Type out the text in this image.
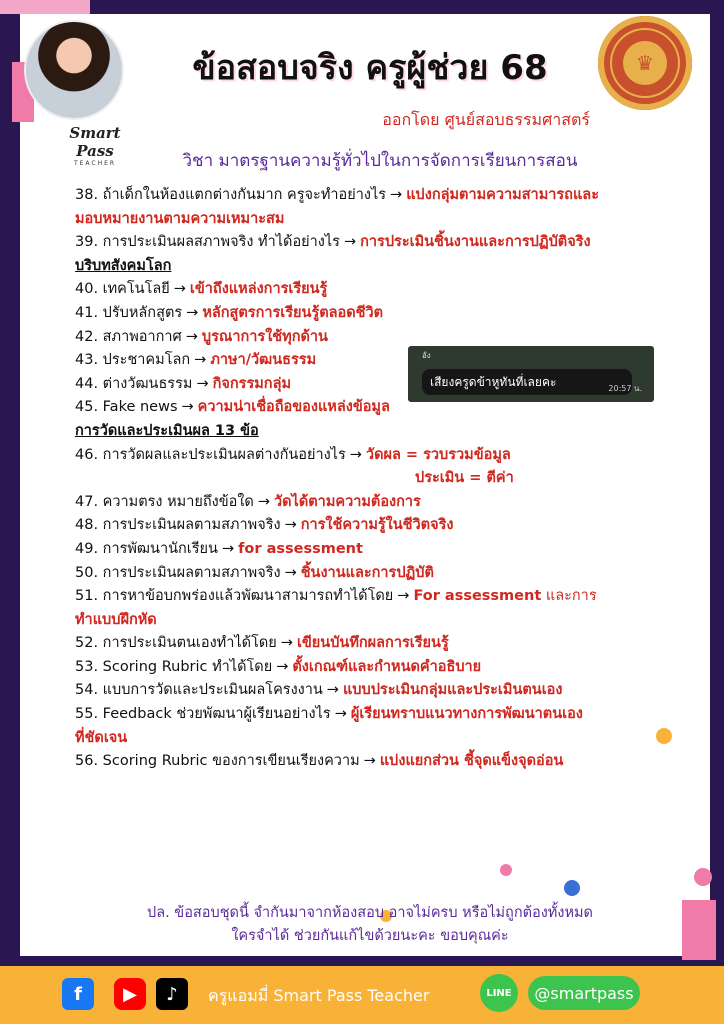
Smart Pass
TEACHER
♛
ข้อสอบจริง ครูผู้ช่วย 68
ออกโดย ศูนย์สอบธรรมศาสตร์
วิชา มาตรฐานความรู้ทั่วไปในการจัดการเรียนการสอน
38. ถ้าเด็กในห้องแตกต่างกันมาก ครูจะทำอย่างไร → แบ่งกลุ่มตามความสามารถและ
มอบหมายงานตามความเหมาะสม
39. การประเมินผลสภาพจริง ทำได้อย่างไร → การประเมินชิ้นงานและการปฏิบัติจริง
บริบทสังคมโลก
40. เทคโนโลยี → เข้าถึงแหล่งการเรียนรู้
41. ปรับหลักสูตร → หลักสูตรการเรียนรู้ตลอดชีวิต
42. สภาพอากาศ → บูรณาการใช้ทุกด้าน
43. ประชาคมโลก → ภาษา/วัฒนธรรม
44. ต่างวัฒนธรรม → กิจกรรมกลุ่ม
45. Fake news → ความน่าเชื่อถือของแหล่งข้อมูล
การวัดและประเมินผล 13 ข้อ
46. การวัดผลและประเมินผลต่างกันอย่างไร → วัดผล = รวบรวมข้อมูล
ประเมิน = ตีค่า
47. ความตรง หมายถึงข้อใด → วัดได้ตามความต้องการ
48. การประเมินผลตามสภาพจริง → การใช้ความรู้ในชีวิตจริง
49. การพัฒนานักเรียน → for assessment
50. การประเมินผลตามสภาพจริง → ชิ้นงานและการปฏิบัติ
51. การหาข้อบกพร่องแล้วพัฒนาสามารถทำได้โดย → For assessment และการ
ทำแบบฝึกหัด
52. การประเมินตนเองทำได้โดย → เขียนบันทึกผลการเรียนรู้
53. Scoring Rubric ทำได้โดย → ตั้งเกณฑ์และกำหนดคำอธิบาย
54. แบบการวัดและประเมินผลโครงงาน → แบบประเมินกลุ่มและประเมินตนเอง
55. Feedback ช่วยพัฒนาผู้เรียนอย่างไร → ผู้เรียนทราบแนวทางการพัฒนาตนเอง
ที่ชัดเจน
56. Scoring Rubric ของการเขียนเรียงความ → แบ่งแยกส่วน ชี้จุดแข็งจุดอ่อน
อัง
เสียงครูดข้าหูทันที่เลยคะ	20:57 น.
ปล. ข้อสอบชุดนี้ จำกันมาจากห้องสอบ อาจไม่ครบ หรือไม่ถูกต้องทั้งหมด
ใครจำได้ ช่วยกันแก้ไขด้วยนะคะ ขอบคุณค่ะ
f	▶	♪	ครูแอมมี่ Smart Pass Teacher	LINE	@smartpass
